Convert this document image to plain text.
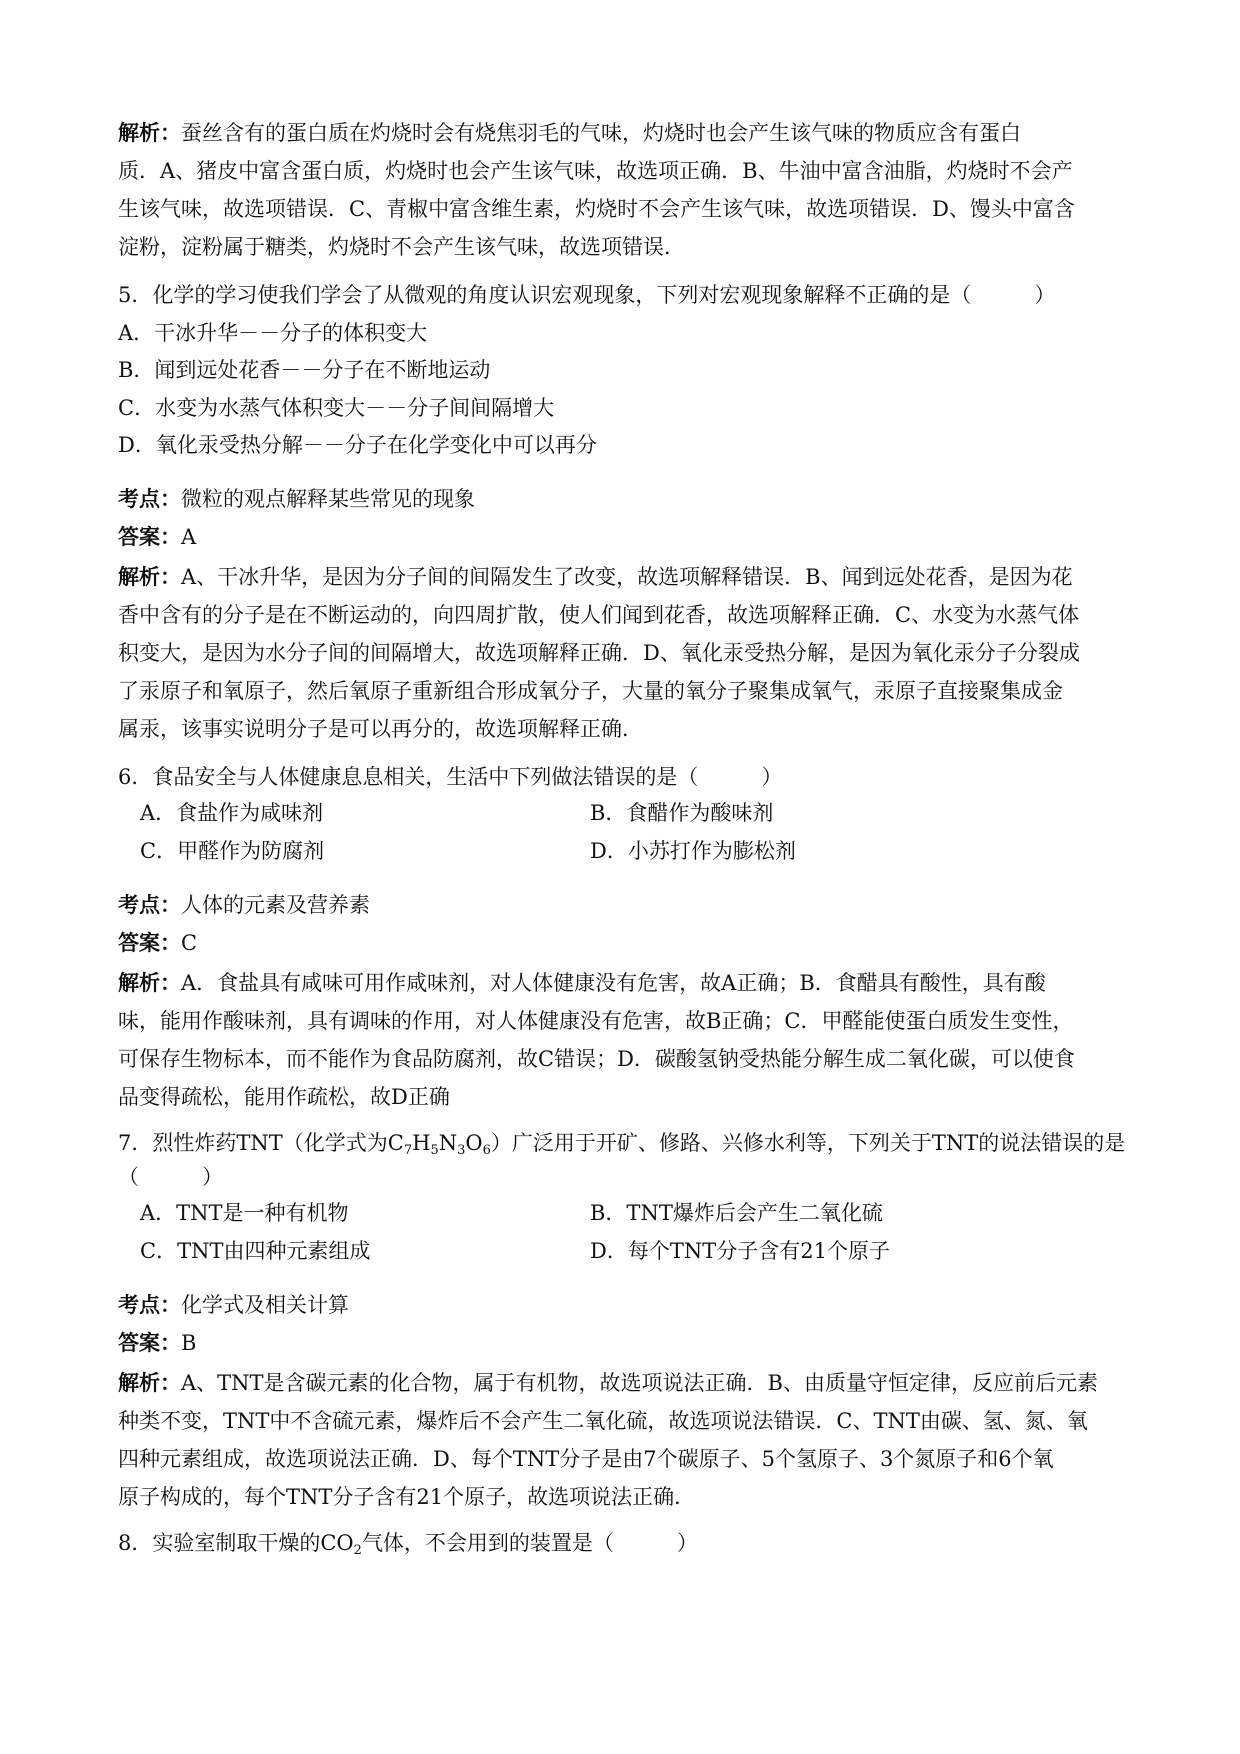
解析：蚕丝含有的蛋白质在灼烧时会有烧焦羽毛的气味，灼烧时也会产生该气味的物质应含有蛋白
质．A、猪皮中富含蛋白质，灼烧时也会产生该气味，故选项正确．B、牛油中富含油脂，灼烧时不会产
生该气味，故选项错误．C、青椒中富含维生素，灼烧时不会产生该气味，故选项错误．D、馒头中富含
淀粉，淀粉属于糖类，灼烧时不会产生该气味，故选项错误．
5．化学的学习使我们学会了从微观的角度认识宏观现象，下列对宏观现象解释不正确的是（　　　）
A．干冰升华－－分子的体积变大
B．闻到远处花香－－分子在不断地运动
C．水变为水蒸气体积变大－－分子间间隔增大
D．氧化汞受热分解－－分子在化学变化中可以再分
考点：微粒的观点解释某些常见的现象
答案：A
解析：A、干冰升华，是因为分子间的间隔发生了改变，故选项解释错误．B、闻到远处花香，是因为花
香中含有的分子是在不断运动的，向四周扩散，使人们闻到花香，故选项解释正确．C、水变为水蒸气体
积变大，是因为水分子间的间隔增大，故选项解释正确．D、氧化汞受热分解，是因为氧化汞分子分裂成
了汞原子和氧原子，然后氧原子重新组合形成氧分子，大量的氧分子聚集成氧气，汞原子直接聚集成金
属汞，该事实说明分子是可以再分的，故选项解释正确．
6．食品安全与人体健康息息相关，生活中下列做法错误的是（　　　）
A．食盐作为咸味剂	B．食醋作为酸味剂
C．甲醛作为防腐剂	D．小苏打作为膨松剂
考点：人体的元素及营养素
答案：C
解析：A．食盐具有咸味可用作咸味剂，对人体健康没有危害，故A正确；B．食醋具有酸性，具有酸
味，能用作酸味剂，具有调味的作用，对人体健康没有危害，故B正确；C．甲醛能使蛋白质发生变性，
可保存生物标本，而不能作为食品防腐剂，故C错误；D．碳酸氢钠受热能分解生成二氧化碳，可以使食
品变得疏松，能用作疏松，故D正确
7．烈性炸药TNT（化学式为$C_7H_5N_3O_6$）广泛用于开矿、修路、兴修水利等，下列关于TNT的说法错误的是
（　　　）
A．TNT是一种有机物	B．TNT爆炸后会产生二氧化硫
C．TNT由四种元素组成	D．每个TNT分子含有21个原子
考点：化学式及相关计算
答案：B
解析：A、TNT是含碳元素的化合物，属于有机物，故选项说法正确．B、由质量守恒定律，反应前后元素
种类不变，TNT中不含硫元素，爆炸后不会产生二氧化硫，故选项说法错误．C、TNT由碳、氢、氮、氧
四种元素组成，故选项说法正确．D、每个TNT分子是由7个碳原子、5个氢原子、3个氮原子和6个氧
原子构成的，每个TNT分子含有21个原子，故选项说法正确．
8．实验室制取干燥的$CO_2$气体，不会用到的装置是（　　　）
